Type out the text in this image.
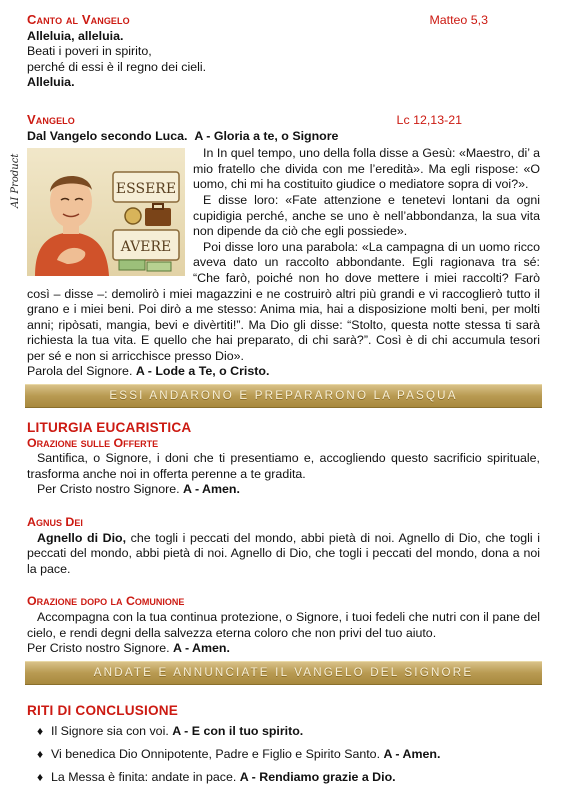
Canto al Vangelo	Matteo 5,3

Alleluia, alleluia.

Beati i poveri in spirito,

perché di essi è il regno dei cieli.

Alleluia.

Vangelo	Lc 12,13-21

Dal Vangelo secondo Luca. A - Gloria a te, o Signore

AI Product	ESSERE
AVERE

In In quel tempo, uno della folla disse a Gesù: «Maestro, di’ a mio fratello che divida con me l’eredità». Ma egli rispose: «O uomo, chi mi ha costituito giudice o mediatore sopra di voi?».

E disse loro: «Fate attenzione e tenetevi lontani da ogni cupidigia perché, anche se uno è nell’abbondanza, la sua vita non dipende da ciò che egli possiede».

Poi disse loro una parabola: «La campagna di un uomo ricco aveva dato un raccolto abbondante. Egli ragionava tra sé: “Che farò, poiché non ho dove mettere i miei raccolti? Farò così – disse –: demolirò i miei magazzini e ne costruirò altri più grandi e vi raccoglierò tutto il grano e i miei beni. Poi dirò a me stesso: Anima mia, hai a disposizione molti beni, per molti anni; ripòsati, mangia, bevi e divèrtiti!”. Ma Dio gli disse: “Stolto, questa notte stessa ti sarà richiesta la tua vita. E quello che hai preparato, di chi sarà?”. Così è di chi accumula tesori per sé e non si arricchisce presso Dio».

Parola del Signore. A - Lode a Te, o Cristo.

ESSI ANDARONO E PREPARARONO LA PASQUA
LITURGIA EUCARISTICA
Orazione sulle Offerte

Santifica, o Signore, i doni che ti presentiamo e, accogliendo questo sacrificio spirituale, trasforma anche noi in offerta perenne a te gradita.

Per Cristo nostro Signore. A - Amen.

Agnus Dei

Agnello di Dio, che togli i peccati del mondo, abbi pietà di noi. Agnello di Dio, che togli i peccati del mondo, abbi pietà di noi. Agnello di Dio, che togli i peccati del mondo, dona a noi la pace.

Orazione dopo la Comunione

Accompagna con la tua continua protezione, o Signore, i tuoi fedeli che nutri con il pane del cielo, e rendi degni della salvezza eterna coloro che non privi del tuo aiuto.

Per Cristo nostro Signore. A - Amen.

ANDATE E ANNUNCIATE IL VANGELO DEL SIGNORE
RITI DI CONCLUSIONE
♦ Il Signore sia con voi. A - E con il tuo spirito.
♦ Vi benedica Dio Onnipotente, Padre e Figlio e Spirito Santo. A - Amen.
♦ La Messa è finita: andate in pace. A - Rendiamo grazie a Dio.
